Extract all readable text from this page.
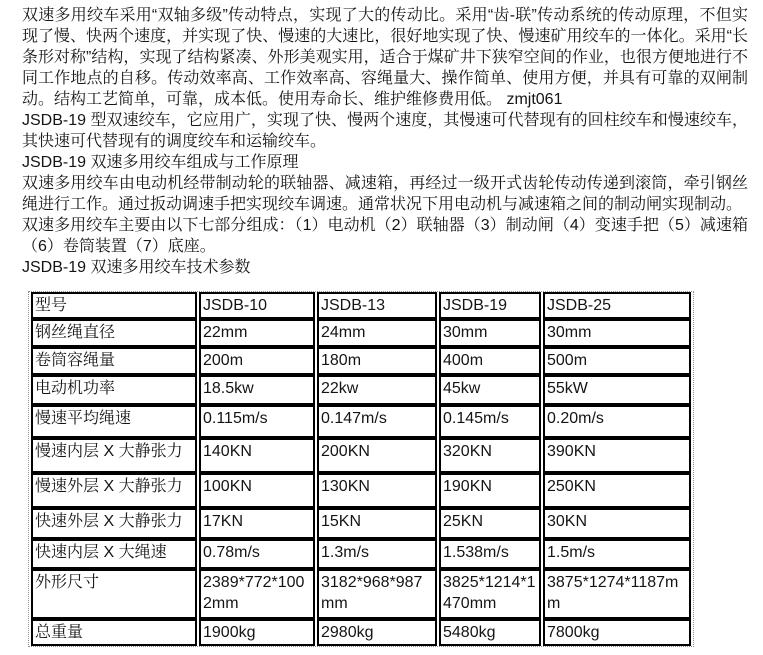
双速多用绞车采用“双轴多级”传动特点，实现了大的传动比。采用“齿-联”传动系统的传动原理，不但实现了慢、快两个速度，并实现了快、慢速的大速比，很好地实现了快、慢速矿用绞车的一体化。采用“长条形对称”结构，实现了结构紧凑、外形美观实用，适合于煤矿井下狭窄空间的作业，也很方便地进行不同工作地点的自移。传动效率高、工作效率高、容绳量大、操作简单、使用方便，并具有可靠的双闸制动。结构工艺简单，可靠，成本低。使用寿命长、维护维修费用低。 zmjt061

JSDB-19 型双速绞车，它应用广，实现了快、慢两个速度，其慢速可代替现有的回柱绞车和慢速绞车，其快速可代替现有的调度绞车和运输绞车。

JSDB-19 双速多用绞车组成与工作原理

双速多用绞车由电动机经带制动轮的联轴器、减速箱，再经过一级开式齿轮传动传递到滚筒，牵引钢丝绳进行工作。通过扳动调速手把实现绞车调速。通常状况下用电动机与减速箱之间的制动闸实现制动。

双速多用绞车主要由以下七部分组成：（1）电动机（2）联轴器（3）制动闸（4）变速手把（5）减速箱（6）卷筒装置（7）底座。

JSDB-19 双速多用绞车技术参数

型号	JSDB-10	JSDB-13	JSDB-19	JSDB-25
钢丝绳直径	22mm	24mm	30mm	30mm
卷筒容绳量	200m	180m	400m	500m
电动机功率	18.5kw	22kw	45kw	55kW
慢速平均绳速	0.115m/s	0.147m/s	0.145m/s	0.20m/s
慢速内层 X 大静张力	140KN	200KN	320KN	390KN
慢速外层 X 大静张力	100KN	130KN	190KN	250KN
快速外层 X 大静张力	17KN	15KN	25KN	30KN
快速内层 X 大绳速	0.78m/s	1.3m/s	1.538m/s	1.5m/s
外形尺寸	2389*772*1002mm	3182*968*987mm	3825*1214*1470mm	3875*1274*1187mm
总重量	1900kg	2980kg	5480kg	7800kg
